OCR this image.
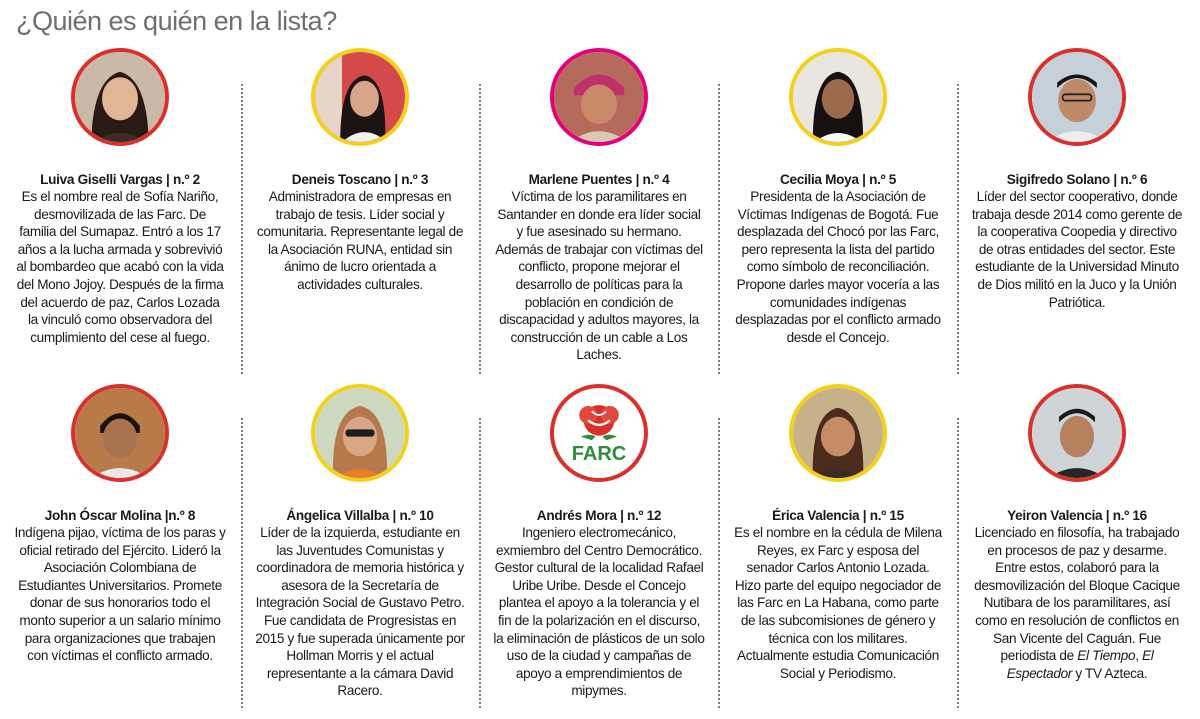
¿Quién es quién en la lista?
Luiva Giselli Vargas | n.º 2
Es el nombre real de Sofía Nariño, desmovilizada de las Farc. De familia del Sumapaz. Entró a los 17 años a la lucha armada y sobrevivió al bombardeo que acabó con la vida del Mono Jojoy. Después de la firma del acuerdo de paz, Carlos Lozada la vinculó como observadora del cumplimiento del cese al fuego.
Deneis Toscano | n.º 3
Administradora de empresas en trabajo de tesis. Líder social y comunitaria. Representante legal de la Asociación RUNA, entidad sin ánimo de lucro orientada a actividades culturales.
Marlene Puentes | n.º 4
Víctima de los paramilitares en Santander en donde era líder social y fue asesinado su hermano. Además de trabajar con víctimas del conflicto, propone mejorar el desarrollo de políticas para la población en condición de discapacidad y adultos mayores, la construcción de un cable a Los Laches.
Cecilia Moya | n.º 5
Presidenta de la Asociación de Víctimas Indígenas de Bogotá. Fue desplazada del Chocó por las Farc, pero representa la lista del partido como símbolo de reconciliación. Propone darles mayor vocería a las comunidades indígenas desplazadas por el conflicto armado desde el Concejo.
Sigifredo Solano | n.º 6
Líder del sector cooperativo, donde trabaja desde 2014 como gerente de la cooperativa Coopedia y directivo de otras entidades del sector. Este estudiante de la Universidad Minuto de Dios militó en la Juco y la Unión Patriótica.
John Óscar Molina |n.º 8
Indígena pijao, víctima de los paras y oficial retirado del Ejército. Lideró la Asociación Colombiana de Estudiantes Universitarios. Promete donar de sus honorarios todo el monto superior a un salario mínimo para organizaciones que trabajen con víctimas el conflicto armado.
Ángelica Villalba | n.º 10
Líder de la izquierda, estudiante en las Juventudes Comunistas y coordinadora de memoria histórica y asesora de la Secretaría de Integración Social de Gustavo Petro. Fue candidata de Progresistas en 2015 y fue superada únicamente por Hollman Morris y el actual representante a la cámara David Racero.
FARC
Andrés Mora | n.º 12
Ingeniero electromecánico, exmiembro del Centro Democrático. Gestor cultural de la localidad Rafael Uribe Uribe. Desde el Concejo plantea el apoyo a la tolerancia y el fin de la polarización en el discurso, la eliminación de plásticos de un solo uso de la ciudad y campañas de apoyo a emprendimientos de mipymes.
Érica Valencia | n.º 15
Es el nombre en la cédula de Milena Reyes, ex Farc y esposa del senador Carlos Antonio Lozada. Hizo parte del equipo negociador de las Farc en La Habana, como parte de las subcomisiones de género y técnica con los militares. Actualmente estudia Comunicación Social y Periodismo.
Yeiron Valencia | n.º 16
Licenciado en filosofía, ha trabajado en procesos de paz y desarme. Entre estos, colaboró para la desmovilización del Bloque Cacique Nutibara de los paramilitares, así como en resolución de conflictos en San Vicente del Caguán. Fue periodista de El Tiempo, El Espectador y TV Azteca.
